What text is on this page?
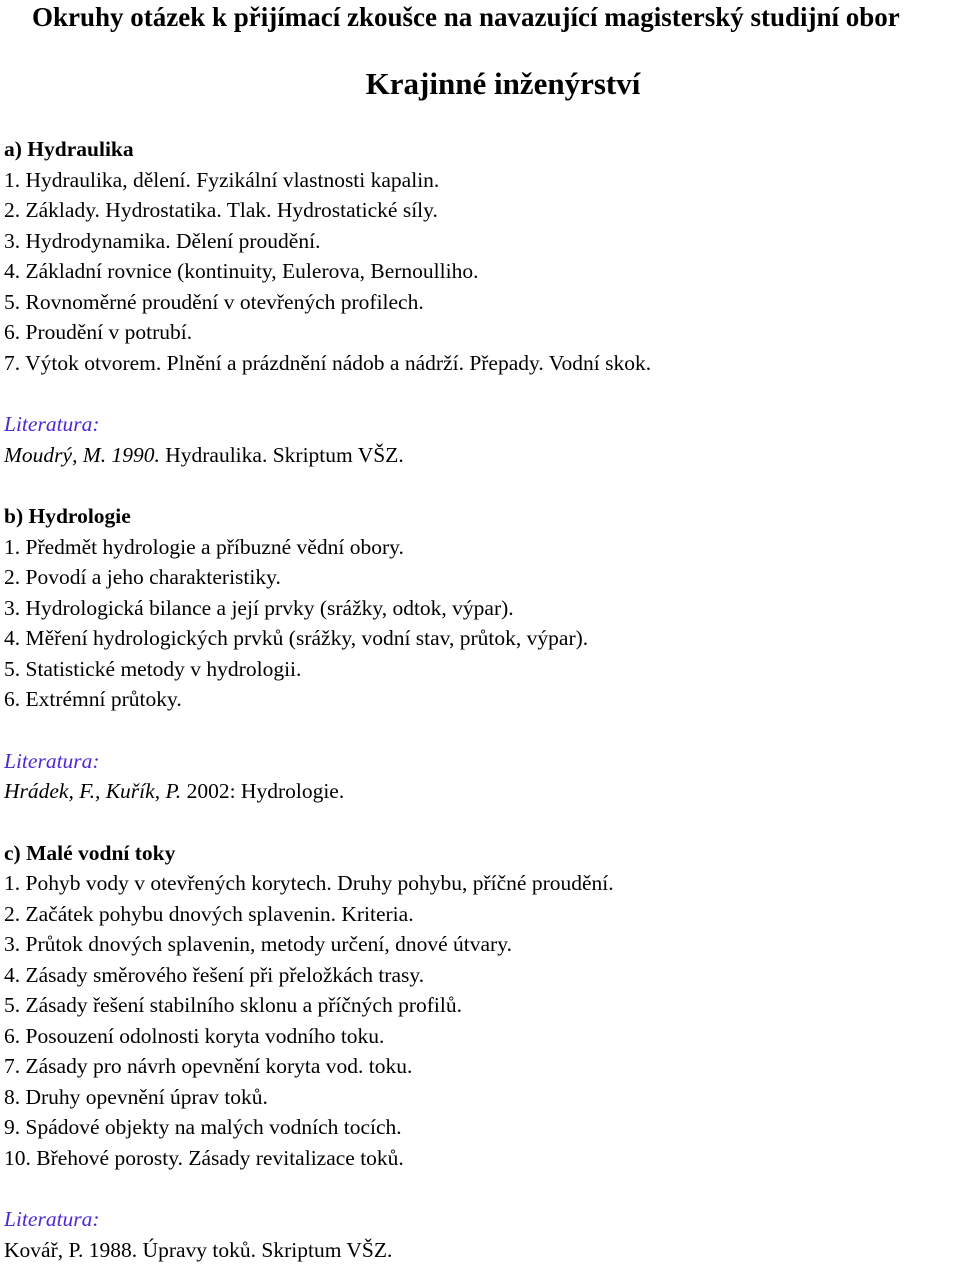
Okruhy otázek k přijímací zkoušce na navazující magisterský studijní obor
Krajinné inženýrství
a) Hydraulika
1. Hydraulika, dělení. Fyzikální vlastnosti kapalin.
2. Základy. Hydrostatika. Tlak. Hydrostatické síly.
3. Hydrodynamika. Dělení proudění.
4. Základní rovnice (kontinuity, Eulerova, Bernoulliho.
5. Rovnoměrné proudění v otevřených profilech.
6. Proudění v potrubí.
7. Výtok otvorem. Plnění a prázdnění nádob a nádrží. Přepady. Vodní skok.
Literatura:
Moudrý, M. 1990. Hydraulika. Skriptum VŠZ.
b) Hydrologie
1. Předmět hydrologie a příbuzné vědní obory.
2. Povodí a jeho charakteristiky.
3. Hydrologická bilance a její prvky (srážky, odtok, výpar).
4. Měření hydrologických prvků (srážky, vodní stav, průtok, výpar).
5. Statistické metody v hydrologii.
6. Extrémní průtoky.
Literatura:
Hrádek, F., Kuřík, P. 2002: Hydrologie.
c) Malé vodní toky
1. Pohyb vody v otevřených korytech. Druhy pohybu, příčné proudění.
2. Začátek pohybu dnových splavenin. Kriteria.
3. Průtok dnových splavenin, metody určení, dnové útvary.
4. Zásady směrového řešení při přeložkách trasy.
5. Zásady řešení stabilního sklonu a příčných profilů.
6. Posouzení odolnosti koryta vodního toku.
7. Zásady pro návrh opevnění koryta vod. toku.
8. Druhy opevnění úprav toků.
9. Spádové objekty na malých vodních tocích.
10. Břehové porosty. Zásady revitalizace toků.
Literatura:
Kovář, P. 1988. Úpravy toků. Skriptum VŠZ.
